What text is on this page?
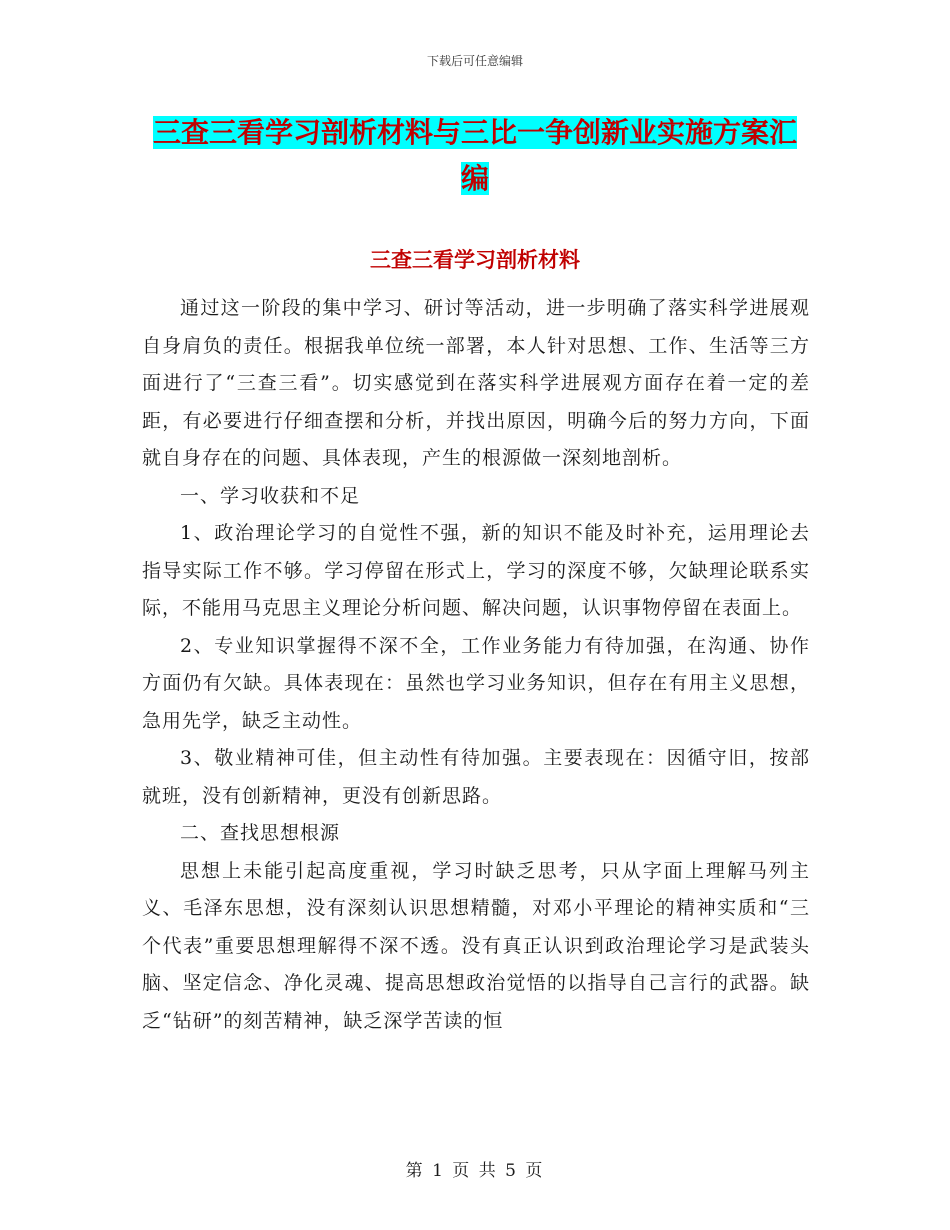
下载后可任意编辑
三查三看学习剖析材料与三比一争创新业实施方案汇编
三查三看学习剖析材料

通过这一阶段的集中学习、研讨等活动，进一步明确了落实科学进展观自身肩负的责任。根据我单位统一部署，本人针对思想、工作、生活等三方面进行了“三查三看”。切实感觉到在落实科学进展观方面存在着一定的差距，有必要进行仔细查摆和分析，并找出原因，明确今后的努力方向，下面就自身存在的问题、具体表现，产生的根源做一深刻地剖析。

一、学习收获和不足

1、政治理论学习的自觉性不强，新的知识不能及时补充，运用理论去指导实际工作不够。学习停留在形式上，学习的深度不够，欠缺理论联系实际，不能用马克思主义理论分析问题、解决问题，认识事物停留在表面上。

2、专业知识掌握得不深不全，工作业务能力有待加强，在沟通、协作方面仍有欠缺。具体表现在：虽然也学习业务知识，但存在有用主义思想，急用先学，缺乏主动性。

3、敬业精神可佳，但主动性有待加强。主要表现在：因循守旧，按部就班，没有创新精神，更没有创新思路。

二、查找思想根源

思想上未能引起高度重视，学习时缺乏思考，只从字面上理解马列主义、毛泽东思想，没有深刻认识思想精髓，对邓小平理论的精神实质和“三个代表”重要思想理解得不深不透。没有真正认识到政治理论学习是武装头脑、坚定信念、净化灵魂、提高思想政治觉悟的以指导自己言行的武器。缺乏“钻研”的刻苦精神，缺乏深学苦读的恒

第 1 页 共 5 页
